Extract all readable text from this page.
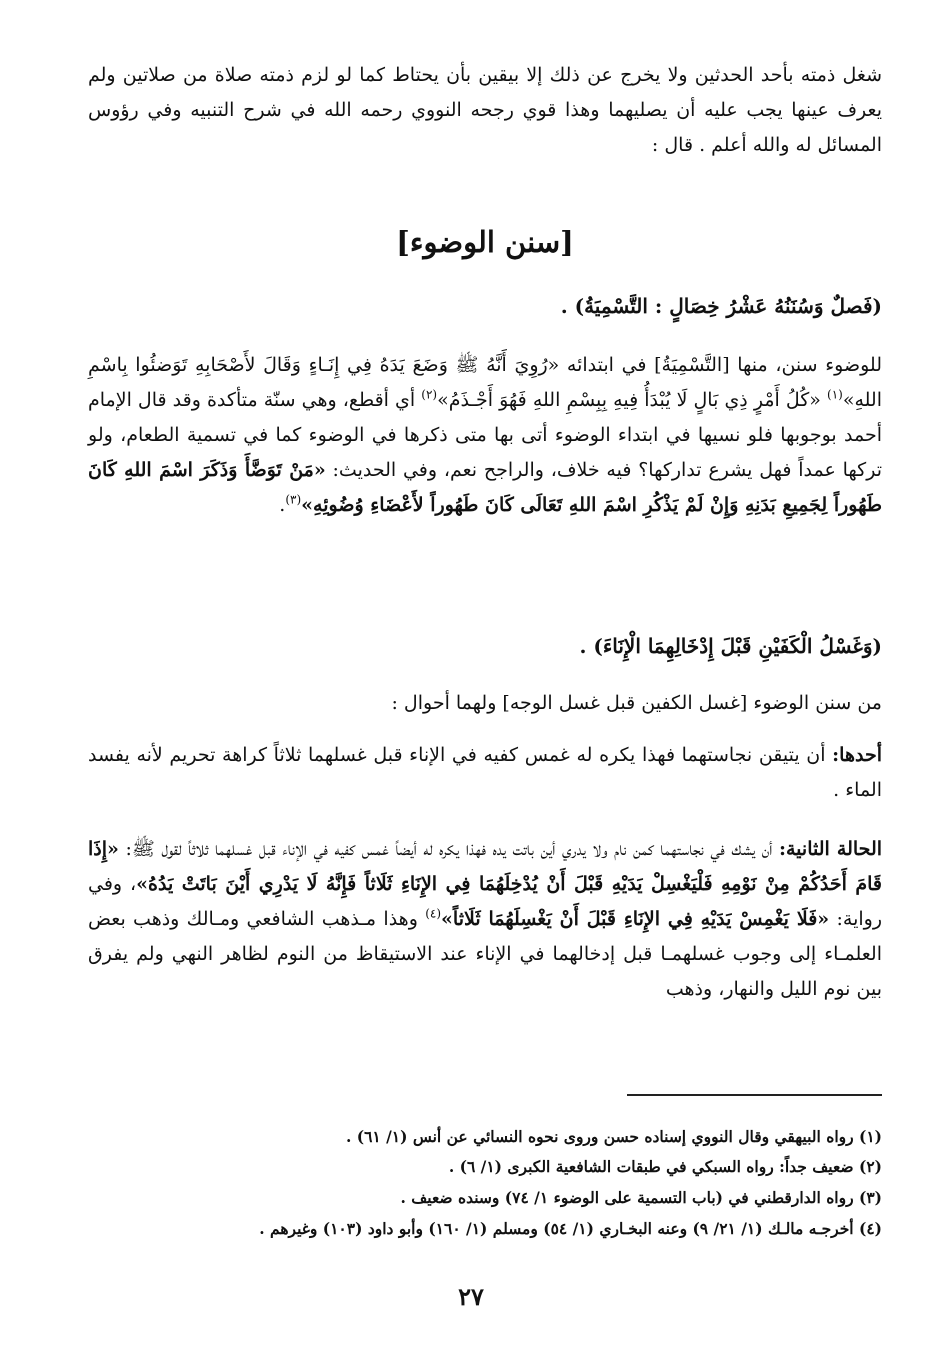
شغل ذمته بأحد الحدثين ولا يخرج عن ذلك إلا بيقين بأن يحتاط كما لو لزم ذمته صلاة من صلاتين ولم يعرف عينها يجب عليه أن يصليهما وهذا قوي رجحه النووي رحمه الله في شرح التنبيه وفي رؤوس المسائل له والله أعلم . قال :

[سنن الوضوء]
(فَصلٌ وَسُنَنُهُ عَشْرُ خِصَالٍ : التَّسْمِيَةُ) .

للوضوء سنن، منها [التَّسْمِيَةُ] في ابتدائه «رُوِيَ أَنَّهُ ﷺ وَضَعَ يَدَهُ فِي إِنَـاءٍ وَقَالَ لأَصْحَابِهِ تَوَضئُوا بِاسْمِ اللهِ»$^{(١)}$ «كُلُ أَمْرٍ ذِي بَالٍ لَا يُبْدَأُ فِيهِ بِبِسْمِ اللهِ فَهُوَ أَجْـذَمُ»$^{(٢)}$ أي أقطع، وهي سنّة متأكدة وقد قال الإمام أحمد بوجوبها فلو نسيها في ابتداء الوضوء أتى بها متى ذكرها في الوضوء كما في تسمية الطعام، ولو تركها عمداً فهل يشرع تداركها؟ فيه خلاف، والراجح نعم، وفي الحديث: «مَنْ تَوَضَّأَ وَذَكَرَ اسْمَ اللهِ كَانَ طَهُوراً لِجَمِيعِ بَدَنِهِ وَإِنْ لَمْ يَذْكُرِ اسْمَ اللهِ تَعَالَى كَانَ طَهُوراً لأَعْضَاءِ وُضُوئِهِ»$^{(٣)}$.

(وَغَسْلُ الْكَفَيْنِ قَبْلَ إِدْخَالِهِمَا الْإِنَاءَ) .

من سنن الوضوء [غسل الكفين قبل غسل الوجه] ولهما أحوال :

أحدها: أن يتيقن نجاستهما فهذا يكره له غمس كفيه في الإناء قبل غسلهما ثلاثاً كراهة تحريم لأنه يفسد الماء .

الحالة الثانية: أن يشك في نجاستهما كمن نام ولا يدري أين باتت يده فهذا يكره له أيضاً غمس كفيه في الإناء قبل غسلهما ثلاثاً لقول ﷺ: «إِذَا قَامَ أَحَدُكُمْ مِنْ نَوْمِهِ فَلْيَغْسِلْ يَدَيْهِ قَبْلَ أَنْ يُدْخِلَهُمَا فِي الإِنَاءِ ثَلَاثاً فَإِنَّهُ لَا يَدْرِي أَيْنَ بَاتَتْ يَدُهُ»، وفي رواية: «فَلَا يَغْمِسْ يَدَيْهِ فِي الإِنَاءِ قَبْلَ أَنْ يَغْسِلَهُمَا ثَلَاثاً»$^{(٤)}$ وهذا مـذهب الشافعي ومـالك وذهب بعض العلمـاء إلى وجوب غسلهمـا قبل إدخالهما في الإناء عند الاستيقاظ من النوم لظاهر النهي ولم يفرق بين نوم الليل والنهار، وذهب

(١) رواه البيهقي وقال النووي إسناده حسن وروى نحوه النسائي عن أنس (١/ ٦١) .
(٢) ضعيف جداً: رواه السبكي في طبقات الشافعية الكبرى (١/ ٦) .
(٣) رواه الدارقطني في (باب التسمية على الوضوء ١/ ٧٤) وسنده ضعيف .
(٤) أخرجـه مالـك (١/ ٢١/ ٩) وعنه البخـاري (١/ ٥٤) ومسلم (١/ ١٦٠) وأبو داود (١٠٣) وغيرهم .
٢٧
